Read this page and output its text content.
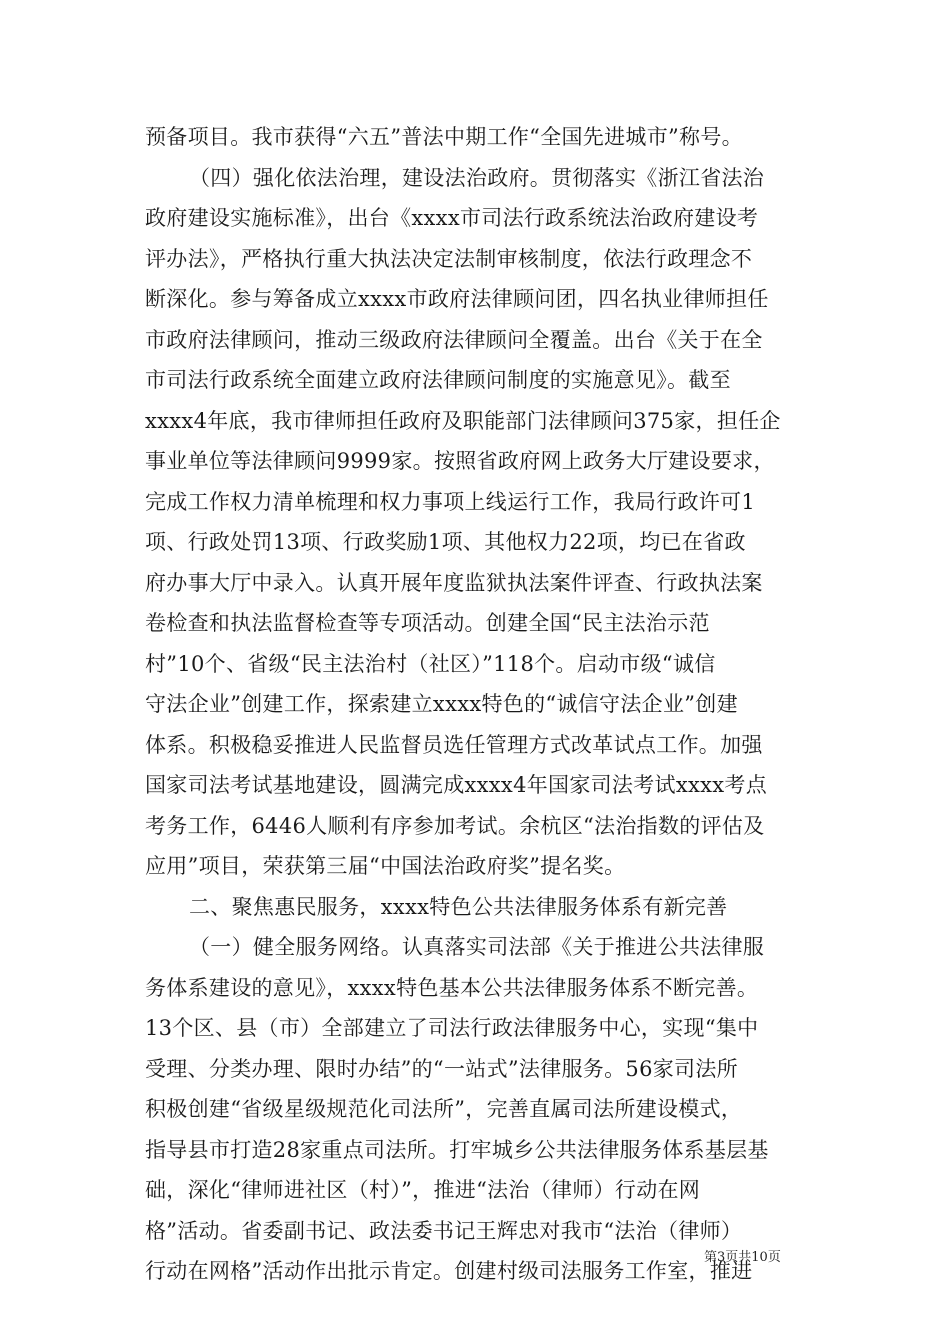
预备项目。我市获得“六五”普法中期工作“全国先进城市”称号。
（四）强化依法治理，建设法治政府。贯彻落实《浙江省法治
政府建设实施标准》，出台《xxxx市司法行政系统法治政府建设考
评办法》，严格执行重大执法决定法制审核制度，依法行政理念不
断深化。参与筹备成立xxxx市政府法律顾问团，四名执业律师担任
市政府法律顾问，推动三级政府法律顾问全覆盖。出台《关于在全
市司法行政系统全面建立政府法律顾问制度的实施意见》。截至
xxxx4年底，我市律师担任政府及职能部门法律顾问375家，担任企
事业单位等法律顾问9999家。按照省政府网上政务大厅建设要求，
完成工作权力清单梳理和权力事项上线运行工作，我局行政许可1
项、行政处罚13项、行政奖励1项、其他权力22项，均已在省政
府办事大厅中录入。认真开展年度监狱执法案件评查、行政执法案
卷检查和执法监督检查等专项活动。创建全国“民主法治示范
村”10个、省级“民主法治村（社区）”118个。启动市级“诚信
守法企业”创建工作，探索建立xxxx特色的“诚信守法企业”创建
体系。积极稳妥推进人民监督员选任管理方式改革试点工作。加强
国家司法考试基地建设，圆满完成xxxx4年国家司法考试xxxx考点
考务工作，6446人顺利有序参加考试。余杭区“法治指数的评估及
应用”项目，荣获第三届“中国法治政府奖”提名奖。
二、聚焦惠民服务，xxxx特色公共法律服务体系有新完善
（一）健全服务网络。认真落实司法部《关于推进公共法律服
务体系建设的意见》，xxxx特色基本公共法律服务体系不断完善。
13个区、县（市）全部建立了司法行政法律服务中心，实现“集中
受理、分类办理、限时办结”的“一站式”法律服务。56家司法所
积极创建“省级星级规范化司法所”，完善直属司法所建设模式，
指导县市打造28家重点司法所。打牢城乡公共法律服务体系基层基
础，深化“律师进社区（村）”，推进“法治（律师）行动在网
格”活动。省委副书记、政法委书记王辉忠对我市“法治（律师）
行动在网格”活动作出批示肯定。创建村级司法服务工作室，推进
第3页共10页
